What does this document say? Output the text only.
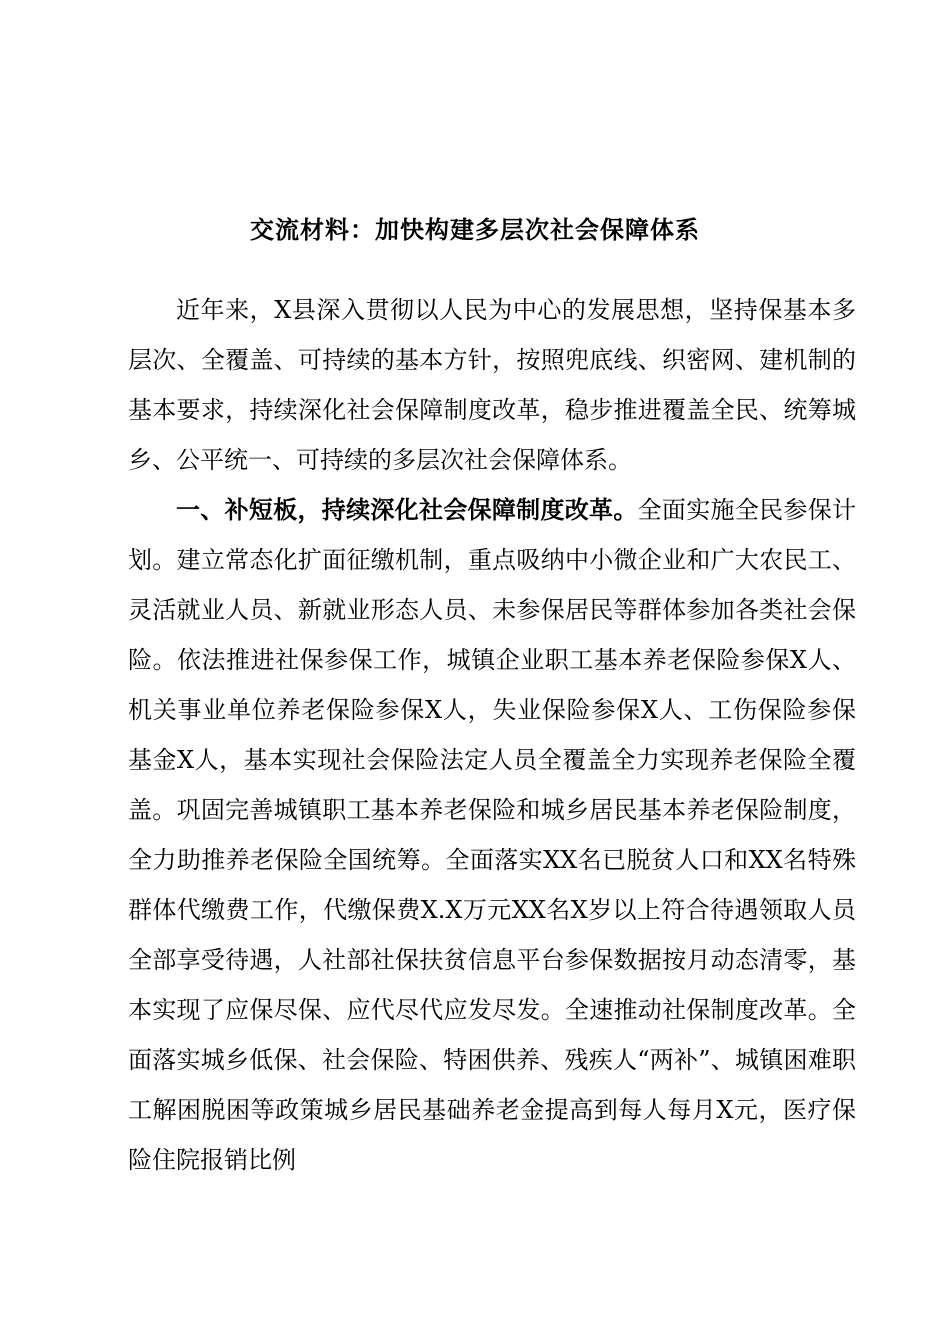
交流材料：加快构建多层次社会保障体系

近年来，X县深入贯彻以人民为中心的发展思想，坚持保基本多层次、全覆盖、可持续的基本方针，按照兜底线、织密网、建机制的基本要求，持续深化社会保障制度改革，稳步推进覆盖全民、统筹城乡、公平统一、可持续的多层次社会保障体系。

一、补短板，持续深化社会保障制度改革。全面实施全民参保计划。建立常态化扩面征缴机制，重点吸纳中小微企业和广大农民工、灵活就业人员、新就业形态人员、未参保居民等群体参加各类社会保险。依法推进社保参保工作，城镇企业职工基本养老保险参保X人、机关事业单位养老保险参保X人，失业保险参保X人、工伤保险参保基金X人，基本实现社会保险法定人员全覆盖全力实现养老保险全覆盖。巩固完善城镇职工基本养老保险和城乡居民基本养老保险制度，全力助推养老保险全国统筹。全面落实XX名已脱贫人口和XX名特殊群体代缴费工作，代缴保费X.X万元XX名X岁以上符合待遇领取人员全部享受待遇，人社部社保扶贫信息平台参保数据按月动态清零，基本实现了应保尽保、应代尽代应发尽发。全速推动社保制度改革。全面落实城乡低保、社会保险、特困供养、残疾人“两补”、城镇困难职工解困脱困等政策城乡居民基础养老金提高到每人每月X元，医疗保险住院报销比例
